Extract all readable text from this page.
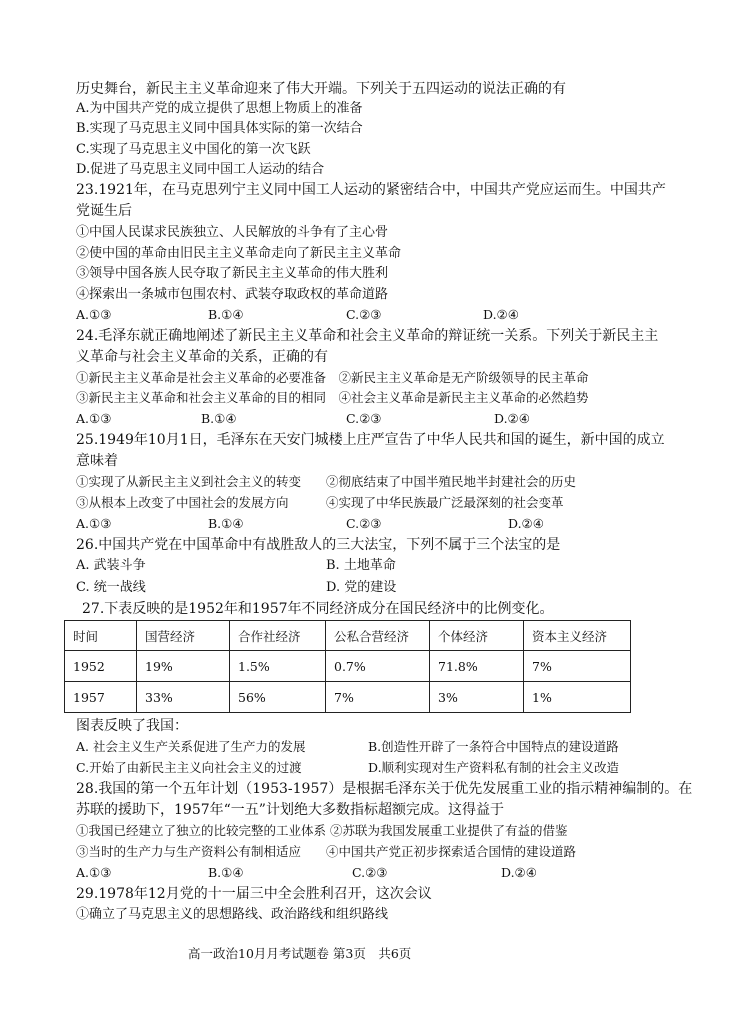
历史舞台，新民主主义革命迎来了伟大开端。下列关于五四运动的说法正确的有
A.为中国共产党的成立提供了思想上物质上的准备
B.实现了马克思主义同中国具体实际的第一次结合
C.实现了马克思主义中国化的第一次飞跃
D.促进了马克思主义同中国工人运动的结合
23.1921年，在马克思列宁主义同中国工人运动的紧密结合中，中国共产党应运而生。中国共产
党诞生后
①中国人民谋求民族独立、人民解放的斗争有了主心骨
②使中国的革命由旧民主主义革命走向了新民主主义革命
③领导中国各族人民夺取了新民主主义革命的伟大胜利
④探索出一条城市包围农村、武装夺取政权的革命道路
A.①③	B.①④	C.②③	D.②④
24.毛泽东就正确地阐述了新民主主义革命和社会主义革命的辩证统一关系。下列关于新民主主
义革命与社会主义革命的关系，正确的有
①新民主主义革命是社会主义革命的必要准备　②新民主主义革命是无产阶级领导的民主革命
③新民主主义革命和社会主义革命的目的相同　④社会主义革命是新民主主义革命的必然趋势
A.①③	B.①④	C.②③	D.②④
25.1949年10月1日，毛泽东在天安门城楼上庄严宣告了中华人民共和国的诞生，新中国的成立
意味着
①实现了从新民主主义到社会主义的转变　　②彻底结束了中国半殖民地半封建社会的历史
③从根本上改变了中国社会的发展方向　　　④实现了中华民族最广泛最深刻的社会变革
A.①③	B.①④	C.②③	D.②④
26.中国共产党在中国革命中有战胜敌人的三大法宝，下列不属于三个法宝的是
A. 武装斗争	B. 土地革命
C. 统一战线	D. 党的建设
27.下表反映的是1952年和1957年不同经济成分在国民经济中的比例变化。
时间	国营经济	合作社经济	公私合营经济	个体经济	资本主义经济
1952	19%	1.5%	0.7%	71.8%	7%
1957	33%	56%	7%	3%	1%
图表反映了我国：
A. 社会主义生产关系促进了生产力的发展	B.创造性开辟了一条符合中国特点的建设道路
C.开始了由新民主主义向社会主义的过渡	D.顺利实现对生产资料私有制的社会主义改造
28.我国的第一个五年计划（1953-1957）是根据毛泽东关于优先发展重工业的指示精神编制的。在
苏联的援助下，1957年“一五”计划绝大多数指标超额完成。这得益于
①我国已经建立了独立的比较完整的工业体系 ②苏联为我国发展重工业提供了有益的借鉴
③当时的生产力与生产资料公有制相适应　　④中国共产党正初步探索适合国情的建设道路
A.①③	B.①④	C.②③	D.②④
29.1978年12月党的十一届三中全会胜利召开，这次会议
①确立了马克思主义的思想路线、政治路线和组织路线
高一政治10月月考试题卷 第3页　共6页
